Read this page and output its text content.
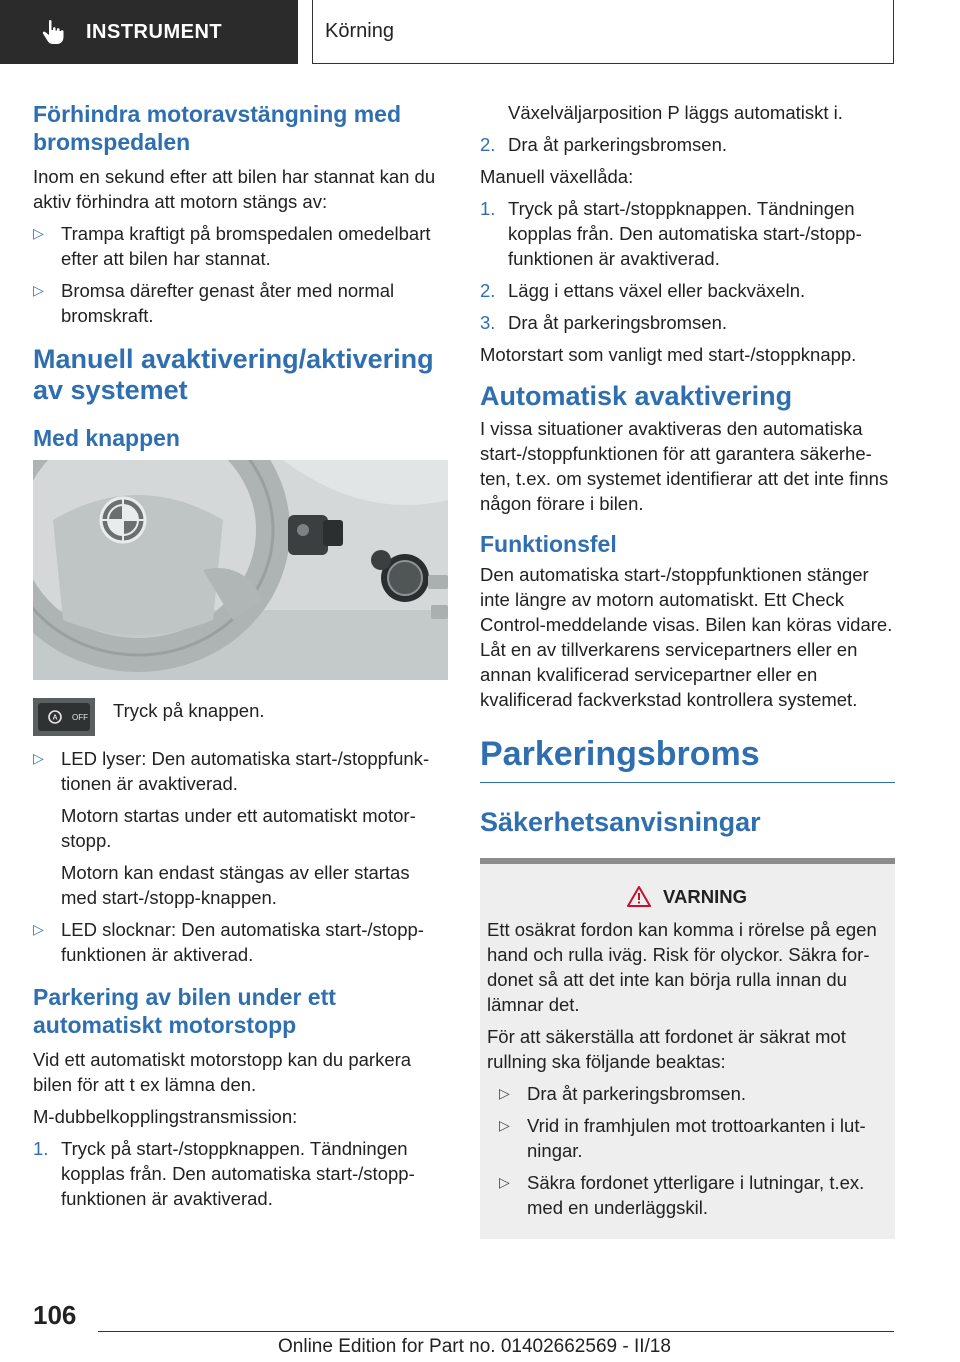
INSTRUMENT	Körning
Förhindra motoravstängning med bromspedalen

Inom en sekund efter att bilen har stannat kan du aktiv förhindra att motorn stängs av:

▷ Trampa kraftigt på bromspedalen omedelbart efter att bilen har stannat.
▷ Bromsa därefter genast åter med normal bromskraft.
Manuell avaktivering/aktivering av systemet
Med knappen
A OFF Tryck på knappen.
▷ LED lyser: Den automatiska start-/stoppfunktionen är avaktiverad.
Motorn startas under ett automatiskt motorstopp.
Motorn kan endast stängas av eller startas med start-/stopp-knappen.
▷ LED slocknar: Den automatiska start-/stoppfunktionen är aktiverad.
Parkering av bilen under ett automatiskt motorstopp

Vid ett automatiskt motorstopp kan du parkera bilen för att t ex lämna den.

M-dubbelkopplingstransmission:

1. Tryck på start-/stoppknappen. Tändningen kopplas från. Den automatiska start-/stoppfunktionen är avaktiverad.

Växelväljarposition P läggs automatiskt i.

2. Dra åt parkeringsbromsen.

Manuell växellåda:

1. Tryck på start-/stoppknappen. Tändningen kopplas från. Den automatiska start-/stoppfunktionen är avaktiverad.
2. Lägg i ettans växel eller backväxeln.
3. Dra åt parkeringsbromsen.

Motorstart som vanligt med start-/stoppknapp.

Automatisk avaktivering

I vissa situationer avaktiveras den automatiska start-/stoppfunktionen för att garantera säkerheten, t.ex. om systemet identifierar att det inte finns någon förare i bilen.

Funktionsfel

Den automatiska start-/stoppfunktionen stänger inte längre av motorn automatiskt. Ett Check Control-meddelande visas. Bilen kan köras vidare. Låt en av tillverkarens servicepartners eller en annan kvalificerad servicepartner eller en kvalificerad fackverkstad kontrollera systemet.

Parkeringsbroms
Säkerhetsanvisningar
VARNING

Ett osäkrat fordon kan komma i rörelse på egen hand och rulla iväg. Risk för olyckor. Säkra fordonet så att det inte kan börja rulla innan du lämnar det.

För att säkerställa att fordonet är säkrat mot rullning ska följande beaktas:

▷ Dra åt parkeringsbromsen.
▷ Vrid in framhjulen mot trottoarkanten i lutningar.
▷ Säkra fordonet ytterligare i lutningar, t.ex. med en underläggskil.
106
Online Edition for Part no. 01402662569 - II/18
